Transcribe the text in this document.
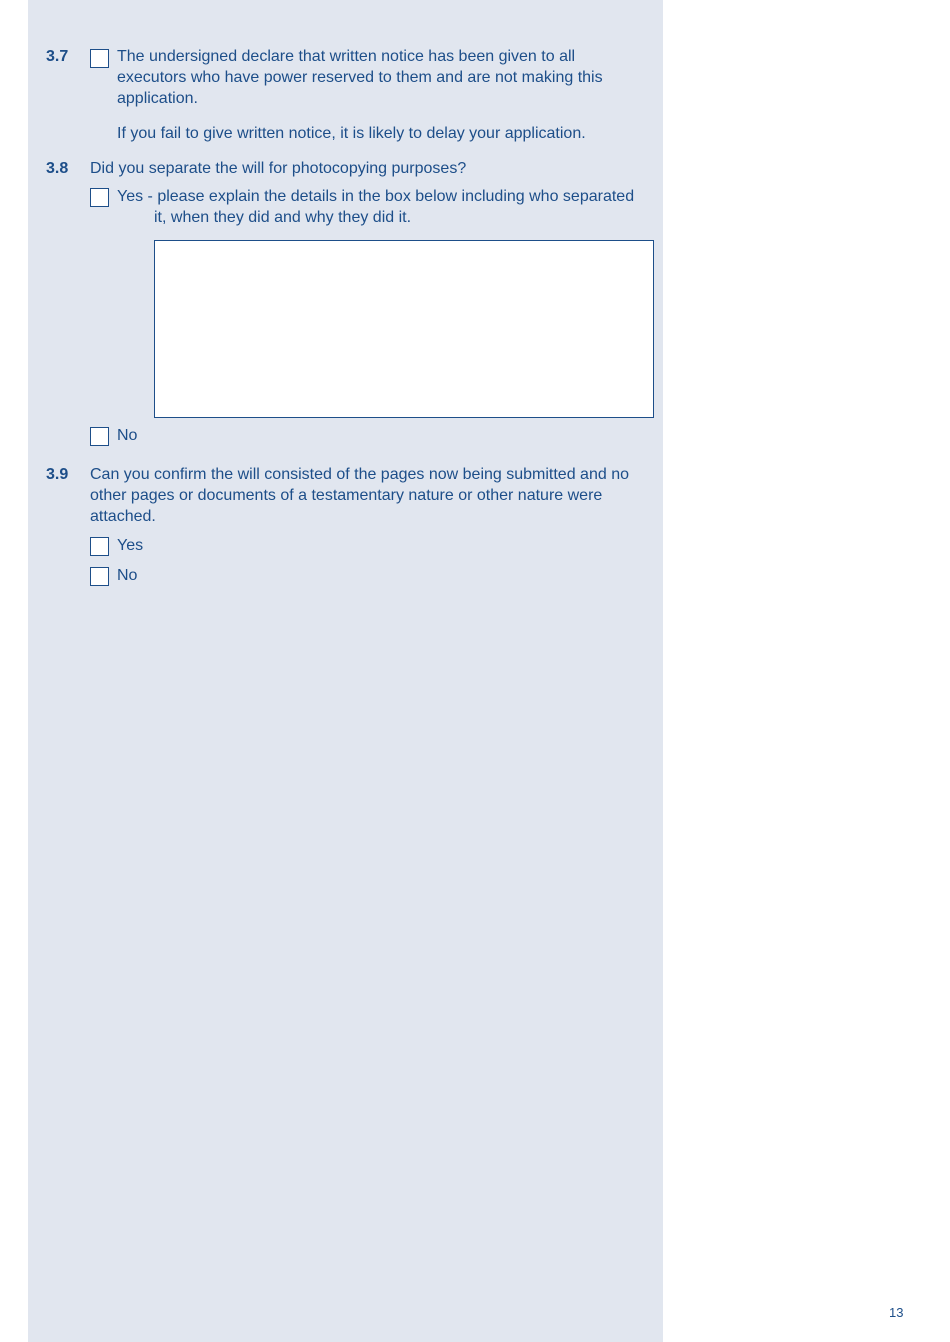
3.7	The undersigned declare that written notice has been given to all executors who have power reserved to them and are not making this application.
If you fail to give written notice, it is likely to delay your application.
3.8 Did you separate the will for photocopying purposes?
Yes - please explain the details in the box below including who separated
it, when they did and why they did it.
No
3.9 Can you confirm the will consisted of the pages now being submitted and no other pages or documents of a testamentary nature or other nature were attached.
Yes
No
13
